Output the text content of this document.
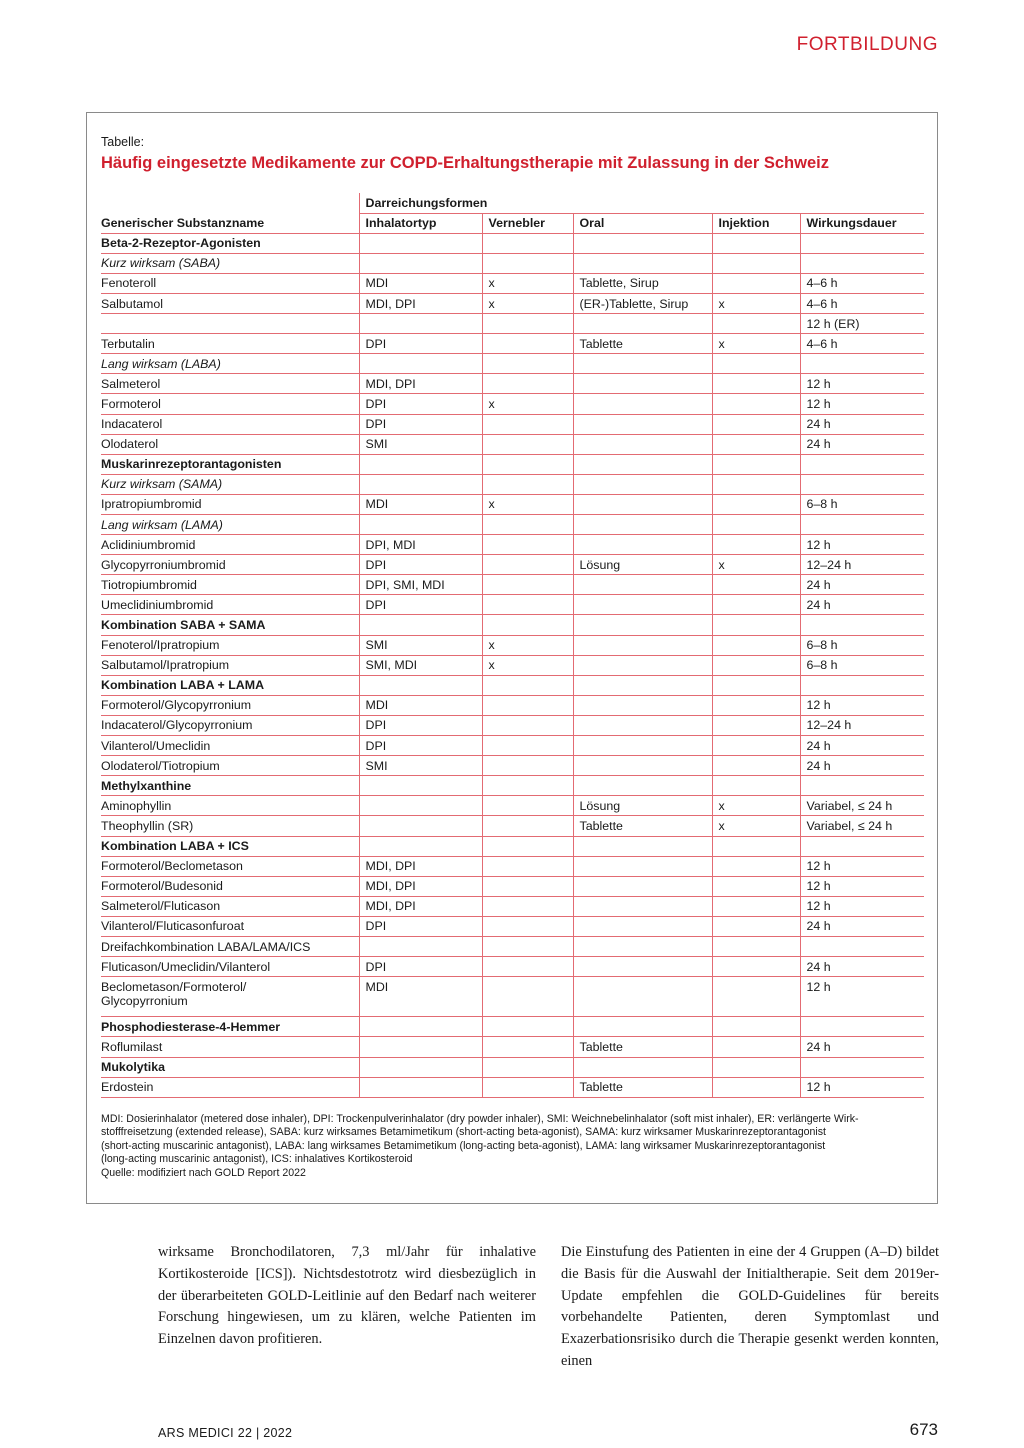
FORTBILDUNG
Tabelle:
Häufig eingesetzte Medikamente zur COPD-Erhaltungstherapie mit Zulassung in der Schweiz
	Darreichungsformen				
Generischer Substanzname	Inhalatortyp	Vernebler	Oral	Injektion	Wirkungsdauer
Beta-2-Rezeptor-Agonisten					
Kurz wirksam (SABA)					
Fenoteroll	MDI	x	Tablette, Sirup		4–6 h
Salbutamol	MDI, DPI	x	(ER-)Tablette, Sirup	x	4–6 h
					12 h (ER)
Terbutalin	DPI		Tablette	x	4–6 h
Lang wirksam (LABA)					
Salmeterol	MDI, DPI				12 h
Formoterol	DPI	x			12 h
Indacaterol	DPI				24 h
Olodaterol	SMI				24 h
Muskarinrezeptorantagonisten					
Kurz wirksam (SAMA)					
Ipratropiumbromid	MDI	x			6–8 h
Lang wirksam (LAMA)					
Aclidiniumbromid	DPI, MDI				12 h
Glycopyrroniumbromid	DPI		Lösung	x	12–24 h
Tiotropiumbromid	DPI, SMI, MDI				24 h
Umeclidiniumbromid	DPI				24 h
Kombination SABA + SAMA					
Fenoterol/Ipratropium	SMI	x			6–8 h
Salbutamol/Ipratropium	SMI, MDI	x			6–8 h
Kombination LABA + LAMA					
Formoterol/Glycopyrronium	MDI				12 h
Indacaterol/Glycopyrronium	DPI				12–24 h
Vilanterol/Umeclidin	DPI				24 h
Olodaterol/Tiotropium	SMI				24 h
Methylxanthine					
Aminophyllin			Lösung	x	Variabel, ≤ 24 h
Theophyllin (SR)			Tablette	x	Variabel, ≤ 24 h
Kombination LABA + ICS					
Formoterol/Beclometason	MDI, DPI				12 h
Formoterol/Budesonid	MDI, DPI				12 h
Salmeterol/Fluticason	MDI, DPI				12 h
Vilanterol/Fluticasonfuroat	DPI				24 h
Dreifachkombination LABA/LAMA/ICS					
Fluticason/Umeclidin/Vilanterol	DPI				24 h
Beclometason/Formoterol/
Glycopyrronium	MDI				12 h
Phosphodiesterase-4-Hemmer					
Roflumilast			Tablette		24 h
Mukolytika					
Erdostein			Tablette		12 h
MDI: Dosierinhalator (metered dose inhaler), DPI: Trockenpulverinhalator (dry powder inhaler), SMI: Weichnebelinhalator (soft mist inhaler), ER: verlängerte Wirk-
stofffreisetzung (extended release), SABA: kurz wirksames Betamimetikum (short-acting beta-agonist), SAMA: kurz wirksamer Muskarinrezeptorantagonist
(short-acting muscarinic antagonist), LABA: lang wirksames Betamimetikum (long-acting beta-agonist), LAMA: lang wirksamer Muskarinrezeptorantagonist
(long-acting muscarinic antagonist), ICS: inhalatives Kortikosteroid
Quelle: modifiziert nach GOLD Report 2022
wirksame Bronchodilatoren, 7,3 ml/Jahr für inhalative Kortikosteroide [ICS]). Nichtsdestotrotz wird diesbezüglich in der überarbeiteten GOLD-Leitlinie auf den Bedarf nach weiterer Forschung hingewiesen, um zu klären, welche Patienten im Einzelnen davon profitieren.
Die Einstufung des Patienten in eine der 4 Gruppen (A–D) bildet die Basis für die Auswahl der Initialtherapie. Seit dem 2019er-Update empfehlen die GOLD-Guidelines für bereits vorbehandelte Patienten, deren Symptomlast und Exazerbationsrisiko durch die Therapie gesenkt werden konnten, einen
ARS MEDICI 22 | 2022	673
